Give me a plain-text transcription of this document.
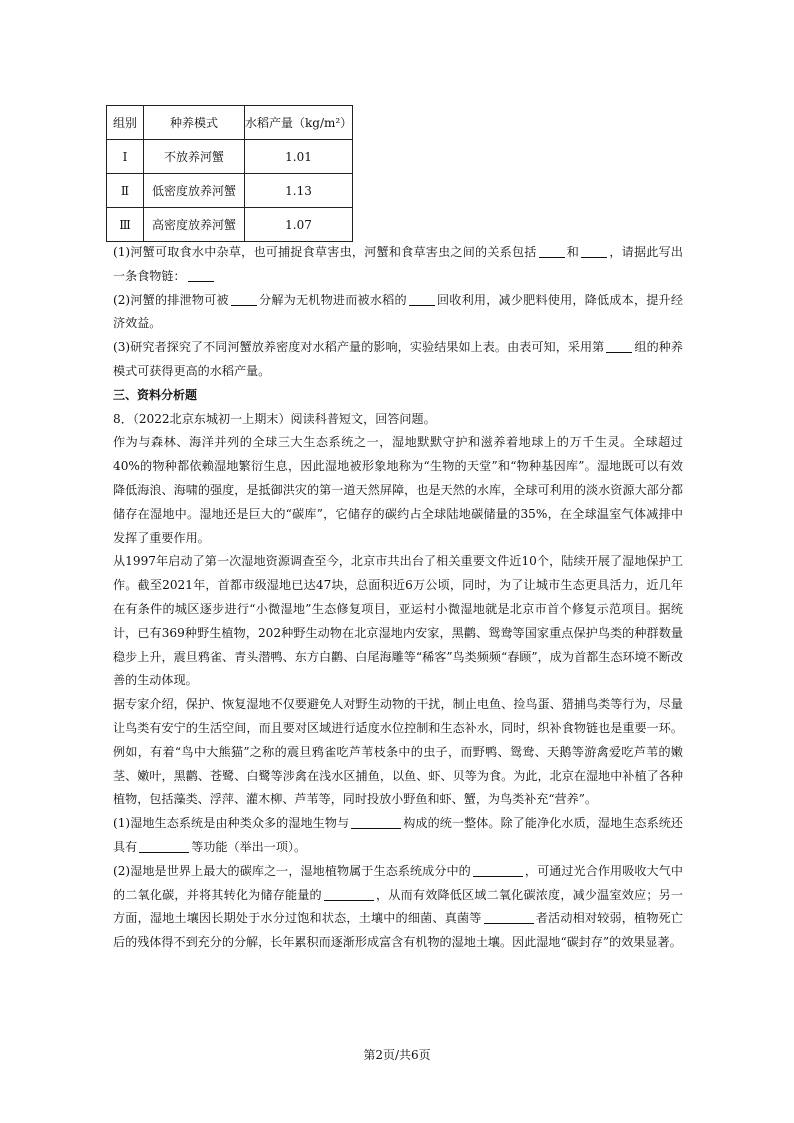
组别	种养模式	水稻产量（kg/m²）
Ⅰ	不放养河蟹	1.01
Ⅱ	低密度放养河蟹	1.13
Ⅲ	高密度放养河蟹	1.07

(1)河蟹可取食水中杂草，也可捕捉食草害虫，河蟹和食草害虫之间的关系包括 和 ，请据此写出一条食物链：

(2)河蟹的排泄物可被 分解为无机物进而被水稻的 回收利用，减少肥料使用，降低成本，提升经济效益。

(3)研究者探究了不同河蟹放养密度对水稻产量的影响，实验结果如上表。由表可知，采用第 组的种养模式可获得更高的水稻产量。

三、资料分析题

8．（2022北京东城初一上期末）阅读科普短文，回答问题。

作为与森林、海洋并列的全球三大生态系统之一，湿地默默守护和滋养着地球上的万千生灵。全球超过40%的物种都依赖湿地繁衍生息，因此湿地被形象地称为“生物的天堂”和“物种基因库”。湿地既可以有效降低海浪、海啸的强度，是抵御洪灾的第一道天然屏障，也是天然的水库，全球可利用的淡水资源大部分都储存在湿地中。湿地还是巨大的“碳库”，它储存的碳约占全球陆地碳储量的35%，在全球温室气体减排中发挥了重要作用。

从1997年启动了第一次湿地资源调查至今，北京市共出台了相关重要文件近10个，陆续开展了湿地保护工作。截至2021年，首都市级湿地已达47块，总面积近6万公顷，同时，为了让城市生态更具活力，近几年在有条件的城区逐步进行“小微湿地”生态修复项目，亚运村小微湿地就是北京市首个修复示范项目。据统计，已有369种野生植物，202种野生动物在北京湿地内安家，黑鹳、鸳鸯等国家重点保护鸟类的种群数量稳步上升，震旦鸦雀、青头潜鸭、东方白鹳、白尾海雕等“稀客”鸟类频频“春顾”，成为首都生态环境不断改善的生动体现。

据专家介绍，保护、恢复湿地不仅要避免人对野生动物的干扰，制止电鱼、捡鸟蛋、猎捕鸟类等行为，尽量让鸟类有安宁的生活空间，而且要对区域进行适度水位控制和生态补水，同时，织补食物链也是重要一环。例如，有着“鸟中大熊猫”之称的震旦鸦雀吃芦苇枝条中的虫子，而野鸭、鸳鸯、天鹅等游禽爱吃芦苇的嫩茎、嫩叶，黑鹳、苍鹭、白鹭等涉禽在浅水区捕鱼，以鱼、虾、贝等为食。为此，北京在湿地中补植了各种植物，包括藻类、浮萍、灌木柳、芦苇等，同时投放小野鱼和虾、蟹，为鸟类补充“营养”。

(1)湿地生态系统是由种类众多的湿地生物与	构成的统一整体。除了能净化水质，湿地生态系统还具有	等功能（举出一项）。

(2)湿地是世界上最大的碳库之一，湿地植物属于生态系统成分中的	，可通过光合作用吸收大气中的二氧化碳，并将其转化为储存能量的	，从而有效降低区域二氧化碳浓度，减少温室效应；另一方面，湿地土壤因长期处于水分过饱和状态，土壤中的细菌、真菌等	者活动相对较弱，植物死亡后的残体得不到充分的分解，长年累积而逐渐形成富含有机物的湿地土壤。因此湿地“碳封存”的效果显著。

第2页/共6页
